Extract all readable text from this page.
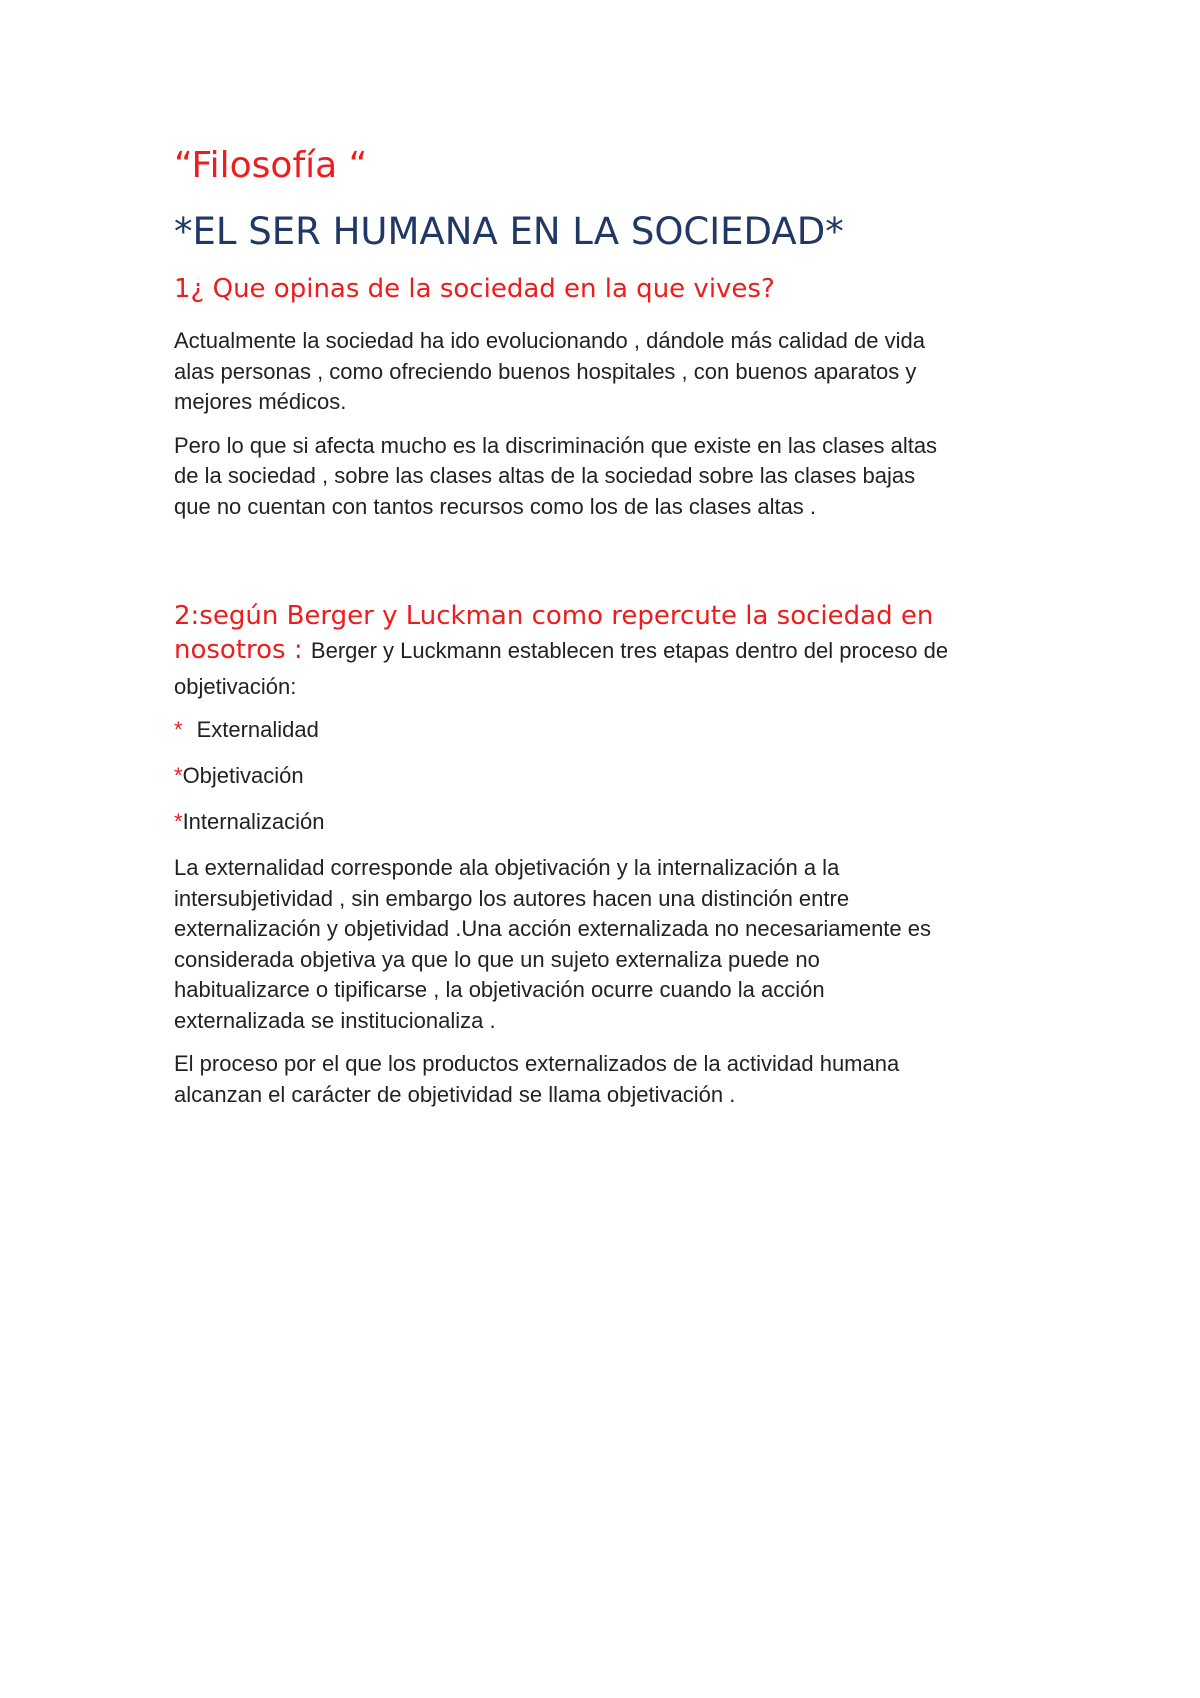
“Filosofía “
*EL SER HUMANA EN LA SOCIEDAD*
1¿ Que opinas de la sociedad en la que vives?

Actualmente la sociedad ha ido evolucionando , dándole más calidad de vida
alas personas , como ofreciendo buenos hospitales , con buenos aparatos y
mejores médicos.

Pero lo que si afecta mucho es la discriminación que existe en las clases altas
de la sociedad , sobre las clases altas de la sociedad sobre las clases bajas
que no cuentan con tantos recursos como los de las clases altas .

2:según Berger y Luckman como repercute la sociedad en
nosotros : Berger y Luckmann establecen tres etapas dentro del proceso de
objetivación:
* Externalidad
*Objetivación
*Internalización

La externalidad corresponde ala objetivación y la internalización a la
intersubjetividad , sin embargo los autores hacen una distinción entre
externalización y objetividad .Una acción externalizada no necesariamente es
considerada objetiva ya que lo que un sujeto externaliza puede no
habitualizarce o tipificarse , la objetivación ocurre cuando la acción
externalizada se institucionaliza .

El proceso por el que los productos externalizados de la actividad humana
alcanzan el carácter de objetividad se llama objetivación .
